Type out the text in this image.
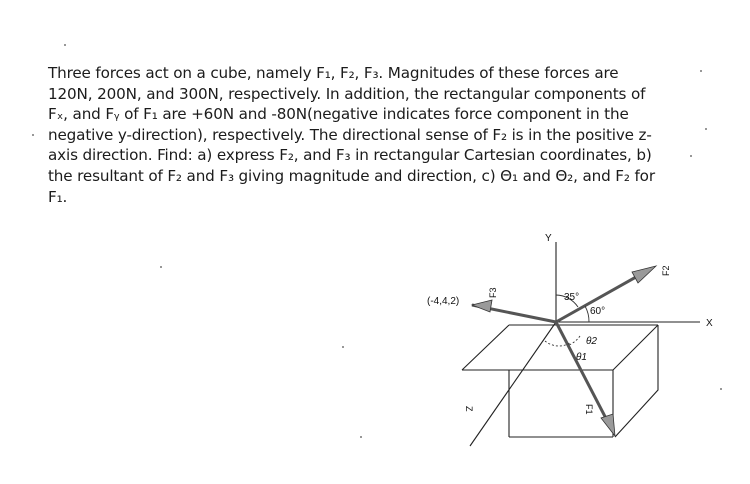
Three forces act on a cube, namely F₁, F₂, F₃. Magnitudes of these forces are
120N, 200N, and 300N, respectively. In addition, the rectangular components of
Fₓ, and Fᵧ of F₁ are +60N and -80N(negative indicates force component in the
negative y-direction), respectively. The directional sense of F₂ is in the positive z-
axis direction. Find: a) express F₂, and F₃ in rectangular Cartesian coordinates, b)
the resultant of F₂ and F₃ giving magnitude and direction, c) Θ₁ and Θ₂, and F₂ for
F₁.
Y
X
Z
(-4,4,2)
F3
F2
F1
35°
60°
θ2
θ1
